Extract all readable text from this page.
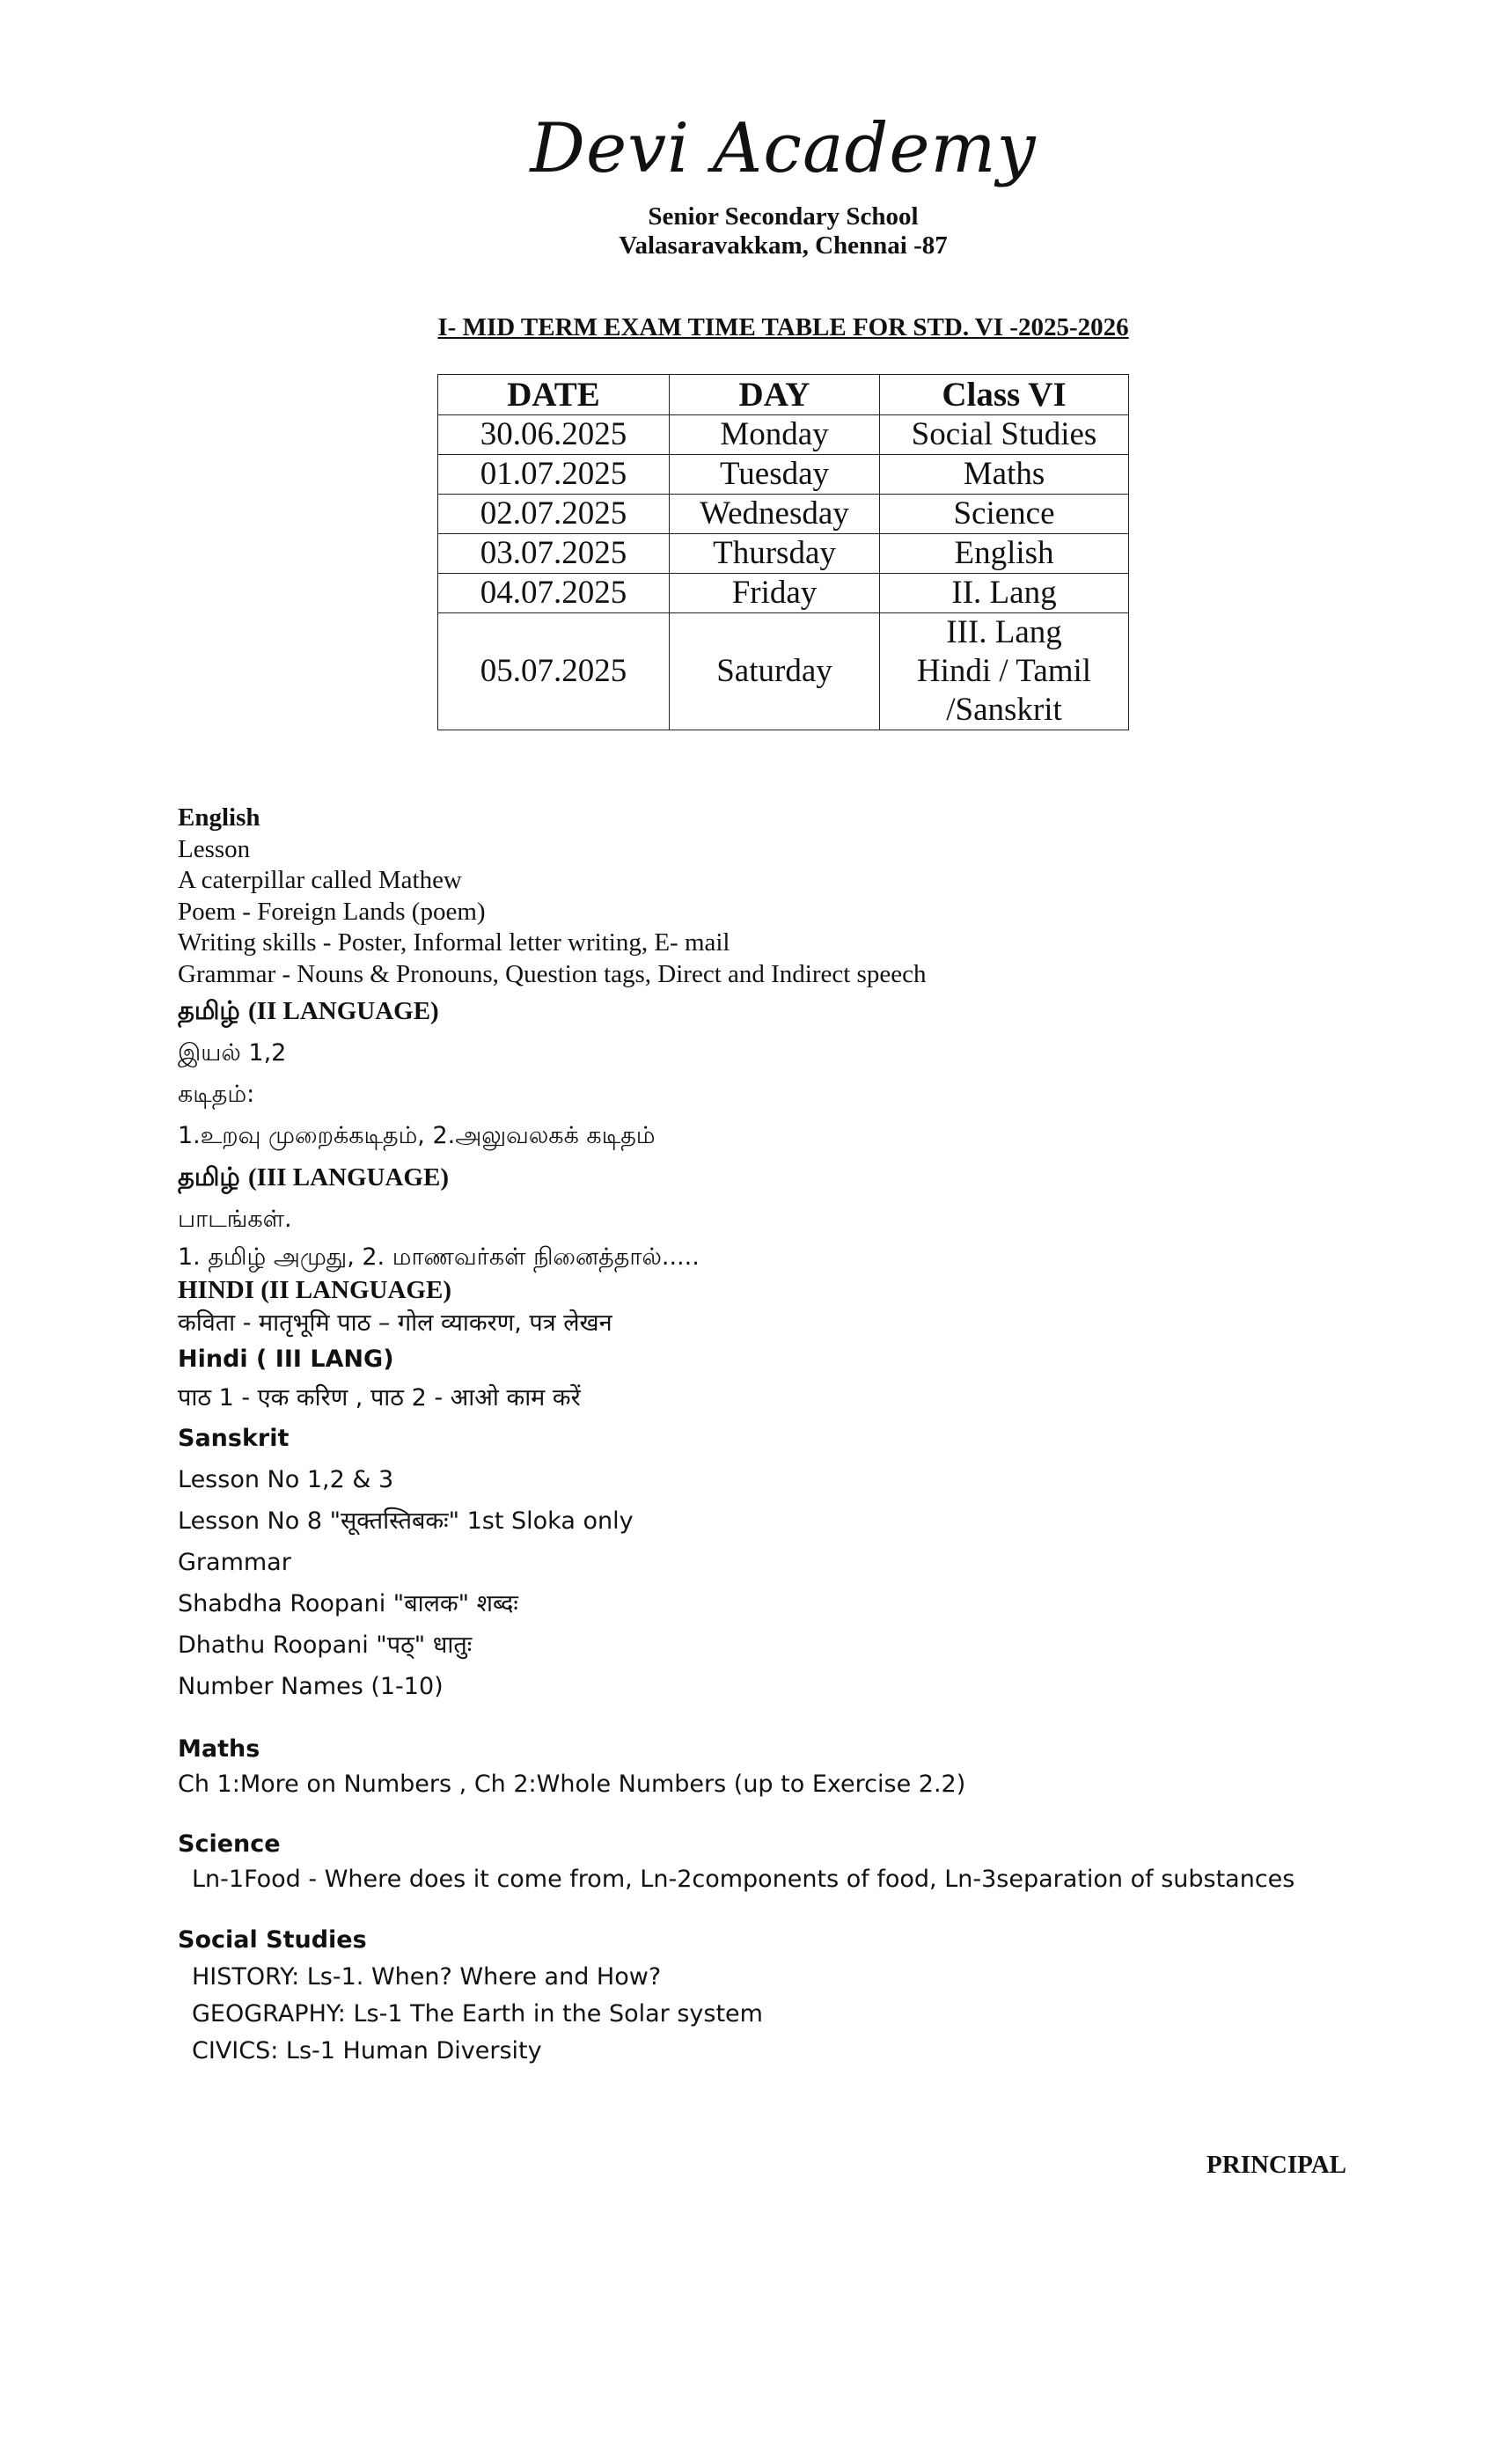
Devi Academy
Senior Secondary School
Valasaravakkam, Chennai -87
I- MID TERM EXAM TIME TABLE FOR STD. VI -2025-2026
DATE	DAY	Class VI
30.06.2025	Monday	Social Studies
01.07.2025	Tuesday	Maths
02.07.2025	Wednesday	Science
03.07.2025	Thursday	English
04.07.2025	Friday	II. Lang
05.07.2025	Saturday	III. Lang
Hindi / Tamil
/Sanskrit
English
Lesson
A caterpillar called Mathew
Poem - Foreign Lands (poem)
Writing skills - Poster, Informal letter writing, E- mail
Grammar - Nouns & Pronouns, Question tags, Direct and Indirect speech
தமிழ் (II LANGUAGE)
இயல் 1,2
கடிதம்:
1.உறவு முறைக்கடிதம், 2.அலுவலகக் கடிதம்
தமிழ் (III LANGUAGE)
பாடங்கள்.
1. தமிழ் அமுது, 2. மாணவர்கள் நினைத்தால்.....
HINDI (II LANGUAGE)
कविता - मातृभूमि पाठ – गोल व्याकरण, पत्र लेखन
Hindi ( III LANG)
पाठ 1 - एक करिण , पाठ 2 - आओ काम करें
Sanskrit
Lesson No 1,2 & 3
Lesson No 8 "सूक्तस्तिबकः" 1st Sloka only
Grammar
Shabdha Roopani "बालक" शब्दः
Dhathu Roopani "पठ्" धातुः
Number Names (1-10)
Maths
Ch 1:More on Numbers , Ch 2:Whole Numbers (up to Exercise 2.2)
Science
Ln-1Food - Where does it come from, Ln-2components of food, Ln-3separation of substances
Social Studies
HISTORY: Ls-1. When? Where and How?
GEOGRAPHY: Ls-1 The Earth in the Solar system
CIVICS: Ls-1 Human Diversity
PRINCIPAL
